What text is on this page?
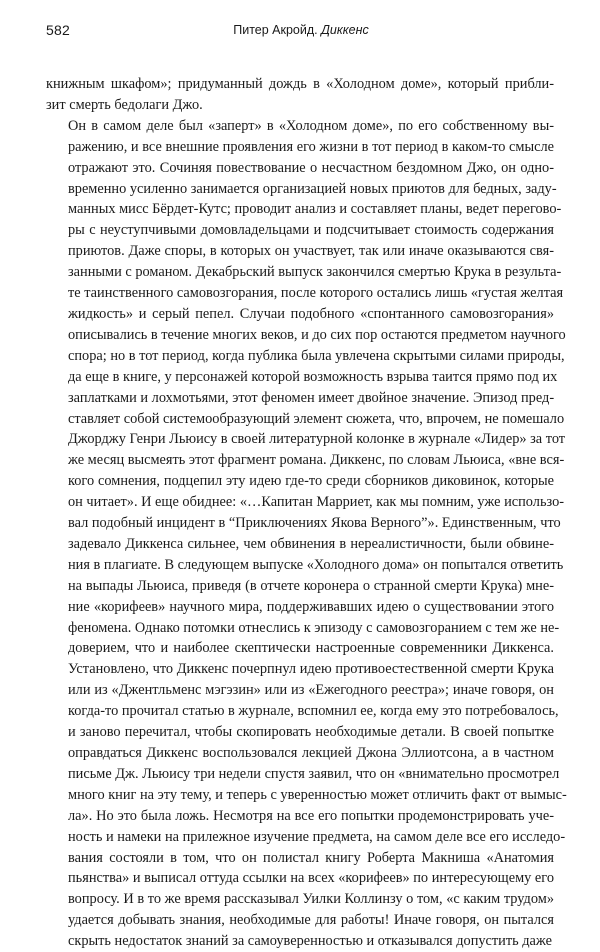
582	Питер Акройд. Диккенс

книжным шкафом»; придуманный дождь в «Холодном доме», который прибли-
зит смерть бедолаги Джо.

Он в самом деле был «заперт» в «Холодном доме», по его собственному вы-
ражению, и все внешние проявления его жизни в тот период в каком-то смысле
отражают это. Сочиняя повествование о несчастном бездомном Джо, он одно-
временно усиленно занимается организацией новых приютов для бедных, заду-
манных мисс Бёрдет-Кутс; проводит анализ и составляет планы, ведет перегово-
ры с неуступчивыми домовладельцами и подсчитывает стоимость содержания
приютов. Даже споры, в которых он участвует, так или иначе оказываются свя-
занными с романом. Декабрьский выпуск закончился смертью Крука в результа-
те таинственного самовозгорания, после которого остались лишь «густая желтая
жидкость» и серый пепел. Случаи подобного «спонтанного самовозгорания»
описывались в течение многих веков, и до сих пор остаются предметом научного
спора; но в тот период, когда публика была увлечена скрытыми силами природы,
да еще в книге, у персонажей которой возможность взрыва таится прямо под их
заплатками и лохмотьями, этот феномен имеет двойное значение. Эпизод пред-
ставляет собой системообразующий элемент сюжета, что, впрочем, не помешало
Джорджу Генри Льюису в своей литературной колонке в журнале «Лидер» за тот
же месяц высмеять этот фрагмент романа. Диккенс, по словам Льюиса, «вне вся-
кого сомнения, подцепил эту идею где-то среди сборников диковинок, которые
он читает». И еще обиднее: «…Капитан Марриет, как мы помним, уже использо-
вал подобный инцидент в “Приключениях Якова Верного”». Единственным, что
задевало Диккенса сильнее, чем обвинения в нереалистичности, были обвине-
ния в плагиате. В следующем выпуске «Холодного дома» он попытался ответить
на выпады Льюиса, приведя (в отчете коронера о странной смерти Крука) мне-
ние «корифеев» научного мира, поддерживавших идею о существовании этого
феномена. Однако потомки отнеслись к эпизоду с самовозгоранием с тем же не-
доверием, что и наиболее скептически настроенные современники Диккенса.
Установлено, что Диккенс почерпнул идею противоестественной смерти Крука
или из «Джентльменс мэгэзин» или из «Ежегодного реестра»; иначе говоря, он
когда-то прочитал статью в журнале, вспомнил ее, когда ему это потребовалось,
и заново перечитал, чтобы скопировать необходимые детали. В своей попытке
оправдаться Диккенс воспользовался лекцией Джона Эллиотсона, а в частном
письме Дж. Льюису три недели спустя заявил, что он «внимательно просмотрел
много книг на эту тему, и теперь с уверенностью может отличить факт от вымыс-
ла». Но это была ложь. Несмотря на все его попытки продемонстрировать уче-
ность и намеки на прилежное изучение предмета, на самом деле все его исследо-
вания состояли в том, что он полистал книгу Роберта Макниша «Анатомия
пьянства» и выписал оттуда ссылки на всех «корифеев» по интересующему его
вопросу. И в то же время рассказывал Уилки Коллинзу о том, «с каким трудом»
удается добывать знания, необходимые для работы! Иначе говоря, он пытался
скрыть недостаток знаний за самоуверенностью и отказывался допустить даже
